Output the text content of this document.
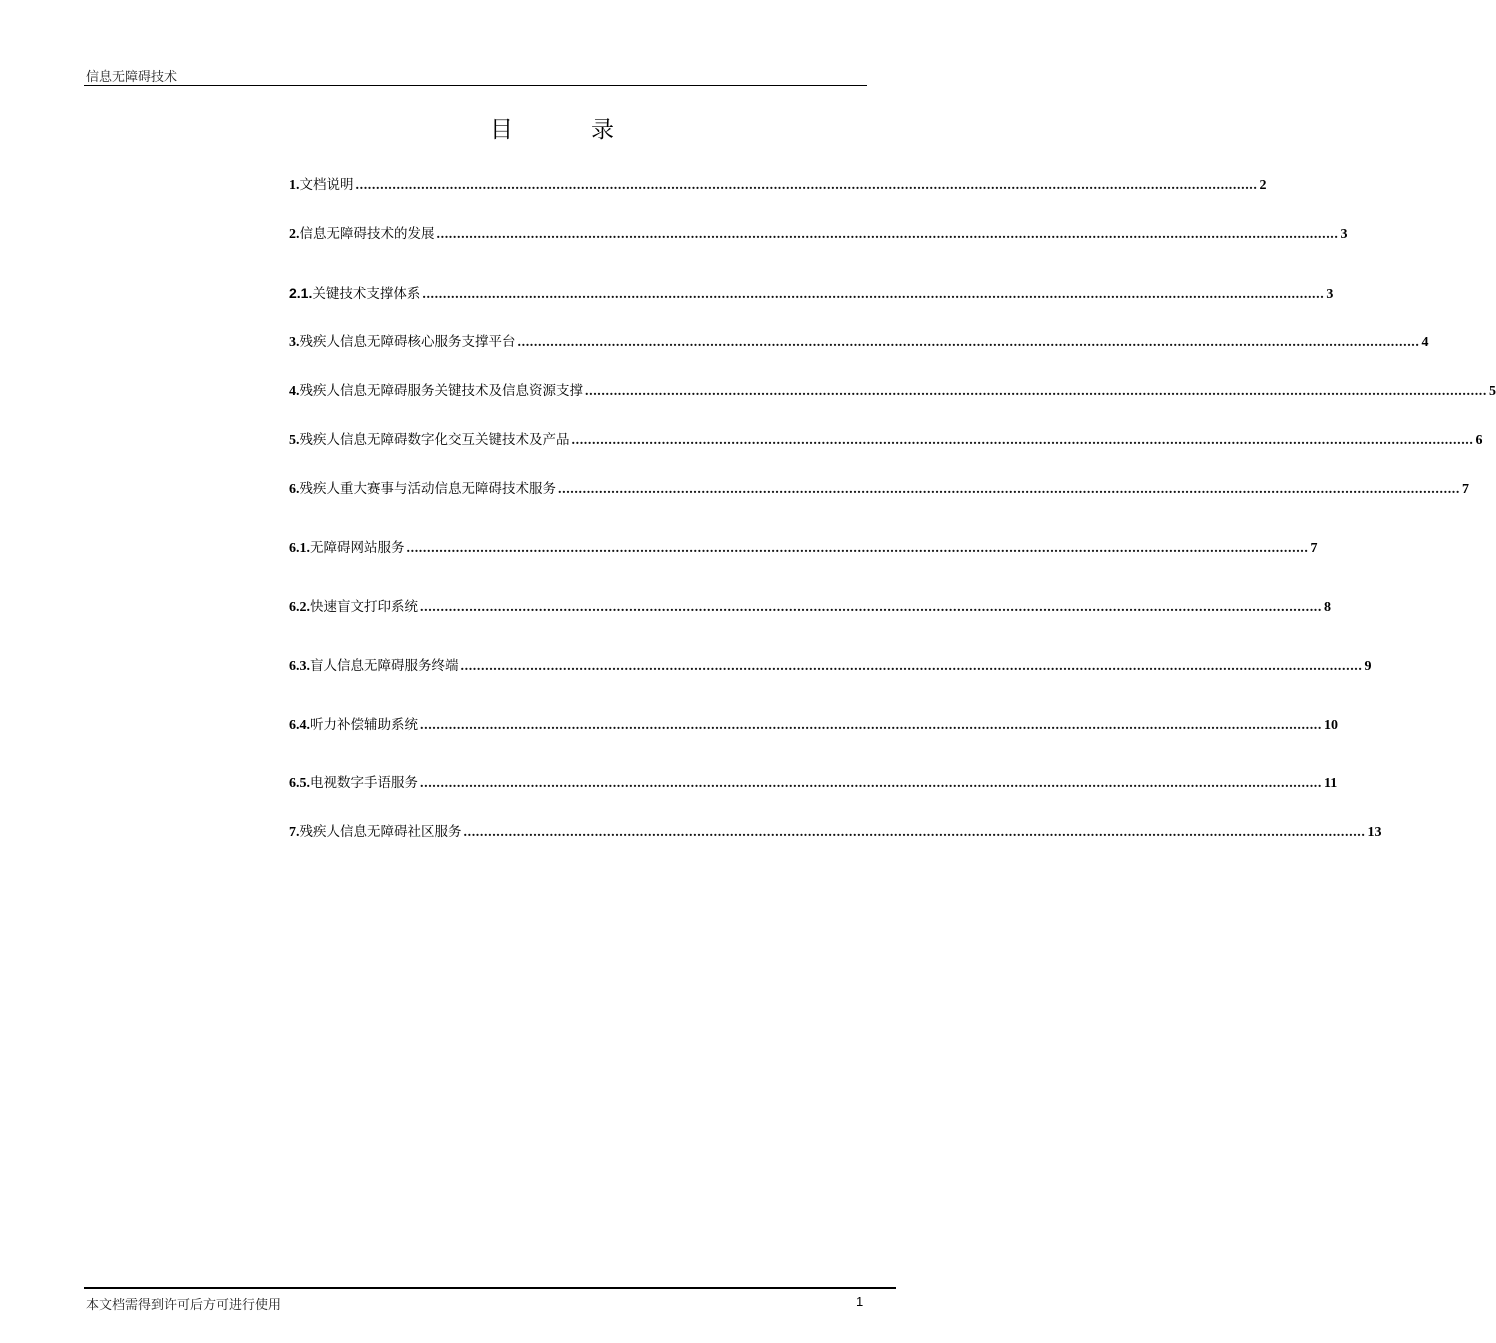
信息无障碍技术
目录
1. 文档说明 ............................................................................................................................................................................................................................ 2
2. 信息无障碍技术的发展 ............................................................................................................................................................................................................................ 3
2.1. 关键技术支撑体系 ............................................................................................................................................................................................................................ 3
3. 残疾人信息无障碍核心服务支撑平台 ............................................................................................................................................................................................................................ 4
4. 残疾人信息无障碍服务关键技术及信息资源支撑 ............................................................................................................................................................................................................................ 5
5. 残疾人信息无障碍数字化交互关键技术及产品 ............................................................................................................................................................................................................................ 6
6. 残疾人重大赛事与活动信息无障碍技术服务 ............................................................................................................................................................................................................................ 7
6.1. 无障碍网站服务 ............................................................................................................................................................................................................................ 7
6.2. 快速盲文打印系统 ............................................................................................................................................................................................................................ 8
6.3. 盲人信息无障碍服务终端 ............................................................................................................................................................................................................................ 9
6.4. 听力补偿辅助系统 ............................................................................................................................................................................................................................ 10
6.5. 电视数字手语服务 ............................................................................................................................................................................................................................ 11
7. 残疾人信息无障碍社区服务 ............................................................................................................................................................................................................................ 13
本文档需得到许可后方可进行使用	1
